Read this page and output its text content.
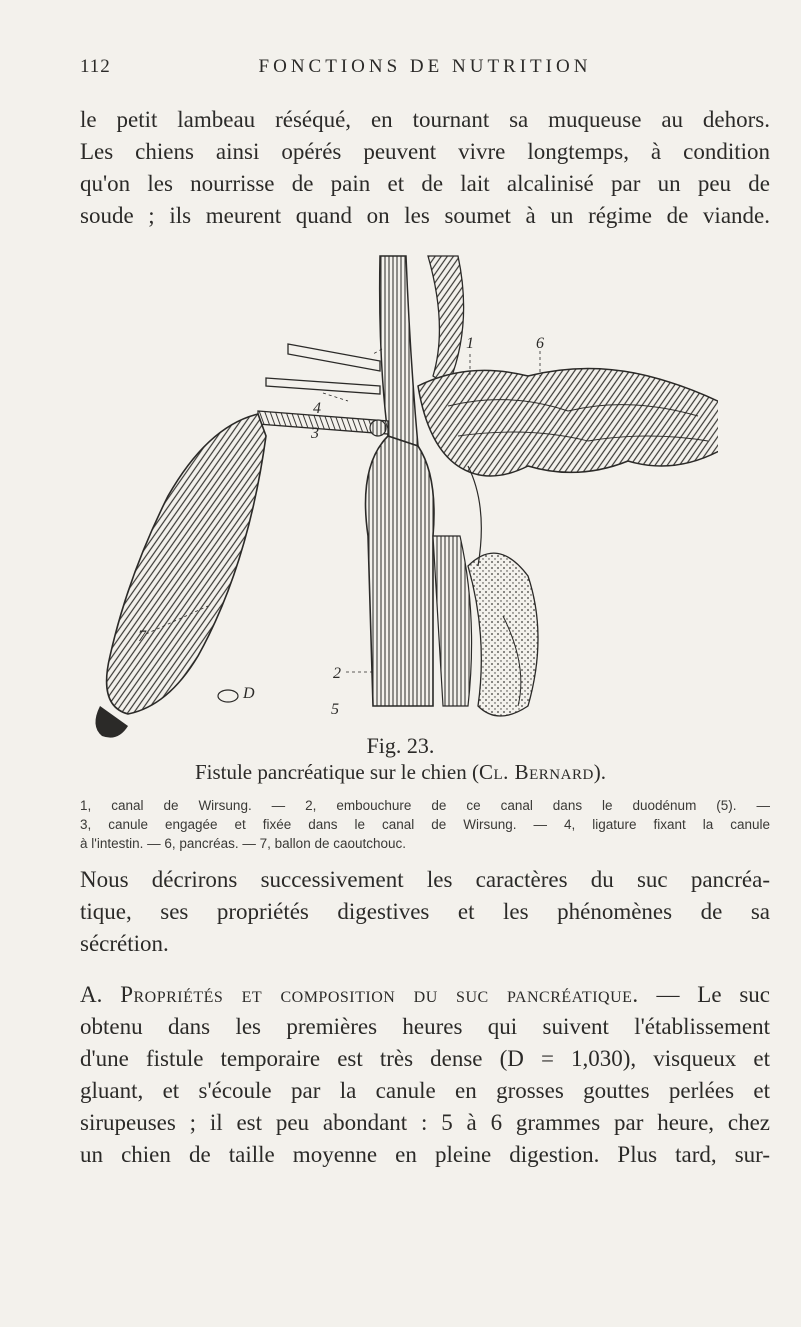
112	FONCTIONS DE NUTRITION
le petit lambeau réséqué, en tournant sa muqueuse au dehors.
Les chiens ainsi opérés peuvent vivre longtemps, à condition
qu'on les nourrisse de pain et de lait alcalinisé par un peu de
soude ; ils meurent quand on les soumet à un régime de viande.
1	6
4
3
7
2
5
D
Fig. 23.
Fistule pancréatique sur le chien (Cl. Bernard).
1, canal de Wirsung. — 2, embouchure de ce canal dans le duodénum (5). —
3, canule engagée et fixée dans le canal de Wirsung. — 4, ligature fixant la canule
à l'intestin. — 6, pancréas. — 7, ballon de caoutchouc.
Nous décrirons successivement les caractères du suc pancréa-
tique, ses propriétés digestives et les phénomènes de sa
sécrétion.
A. Propriétés et composition du suc pancréatique. — Le suc
obtenu dans les premières heures qui suivent l'établissement
d'une fistule temporaire est très dense (D = 1,030), visqueux et
gluant, et s'écoule par la canule en grosses gouttes perlées et
sirupeuses ; il est peu abondant : 5 à 6 grammes par heure, chez
un chien de taille moyenne en pleine digestion. Plus tard, sur-
